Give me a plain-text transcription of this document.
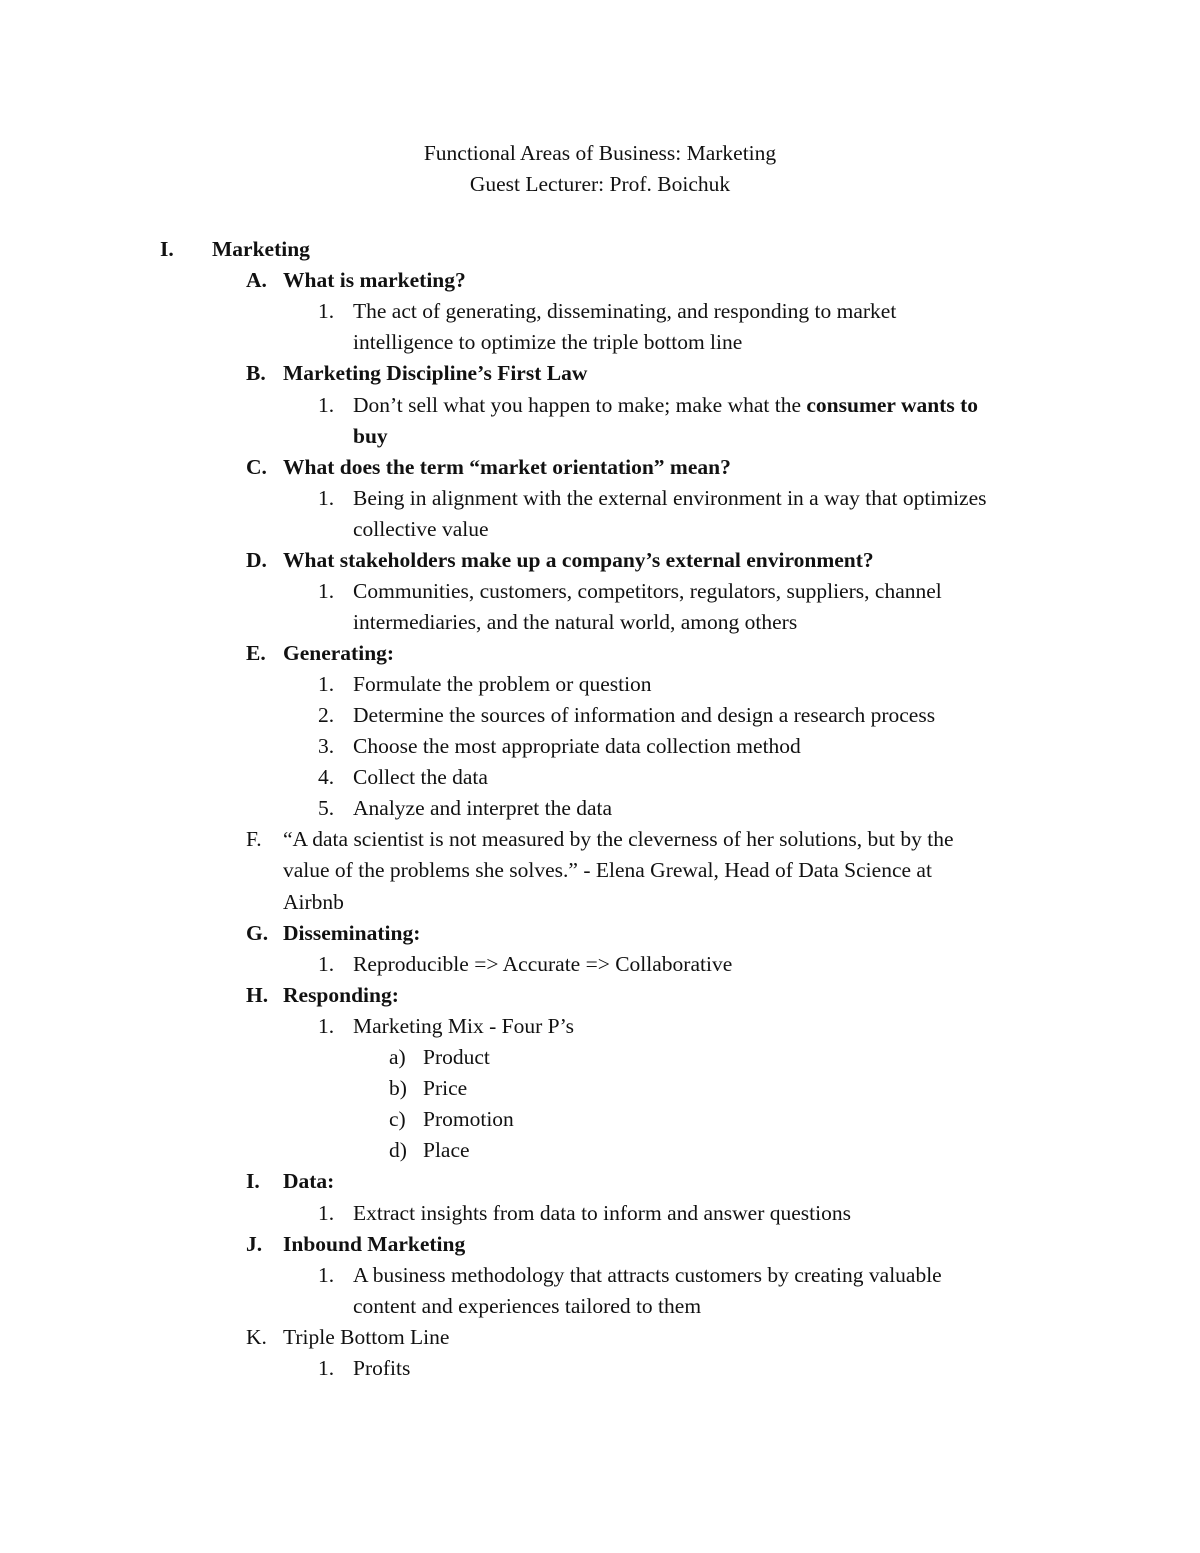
Functional Areas of Business: Marketing
Guest Lecturer: Prof. Boichuk
I. Marketing
A. What is marketing?
1. The act of generating, disseminating, and responding to market
intelligence to optimize the triple bottom line
B. Marketing Discipline’s First Law
1. Don’t sell what you happen to make; make what the consumer wants to
buy
C. What does the term “market orientation” mean?
1. Being in alignment with the external environment in a way that optimizes
collective value
D. What stakeholders make up a company’s external environment?
1. Communities, customers, competitors, regulators, suppliers, channel
intermediaries, and the natural world, among others
E. Generating:
1. Formulate the problem or question
2. Determine the sources of information and design a research process
3. Choose the most appropriate data collection method
4. Collect the data
5. Analyze and interpret the data
F. “A data scientist is not measured by the cleverness of her solutions, but by the
value of the problems she solves.” - Elena Grewal, Head of Data Science at
Airbnb
G. Disseminating:
1. Reproducible => Accurate => Collaborative
H. Responding:
1. Marketing Mix - Four P’s
a) Product
b) Price
c) Promotion
d) Place
I. Data:
1. Extract insights from data to inform and answer questions
J. Inbound Marketing
1. A business methodology that attracts customers by creating valuable
content and experiences tailored to them
K. Triple Bottom Line
1. Profits
